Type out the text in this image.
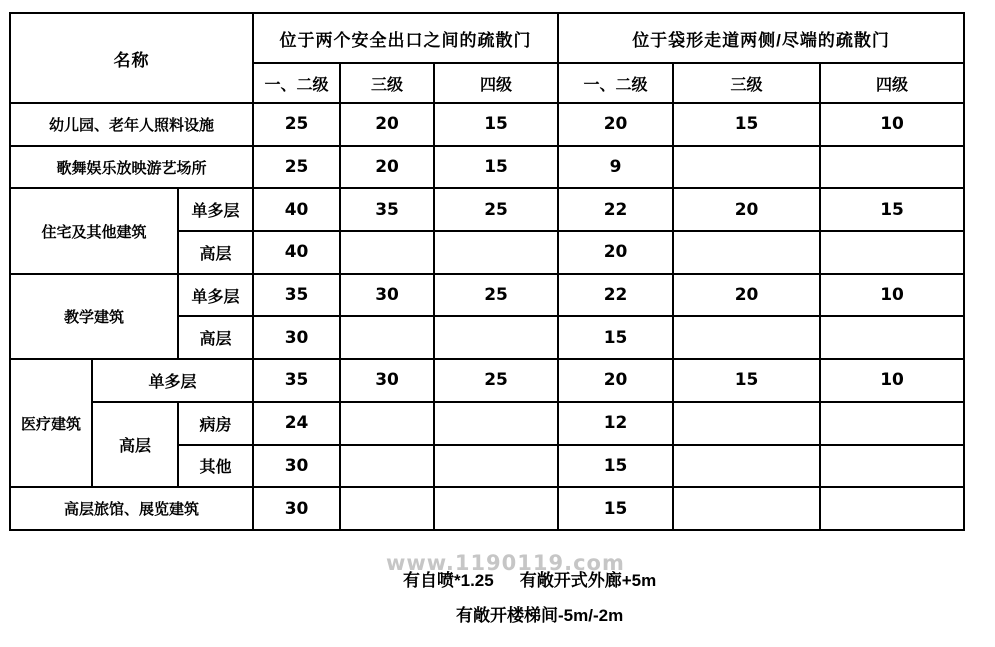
名称			位于两个安全出口之间的疏散门			位于袋形走道两侧/尽端的疏散门		
			一、二级	三级	四级	一、二级	三级	四级
幼儿园、老年人照料设施			25	20	15	20	15	10
歌舞娱乐放映游艺场所			25	20	15	9		
住宅及其他建筑		单多层	40	35	25	22	20	15
		高层	40			20		
教学建筑		单多层	35	30	25	22	20	10
		高层	30			15		
医疗建筑	单多层		35	30	25	20	15	10
	高层	病房	24			12		
		其他	30			15		
高层旅馆、展览建筑			30			15		
www.1190119.com
有自喷*1.25 有敞开式外廊+5m
有敞开楼梯间-5m/-2m
